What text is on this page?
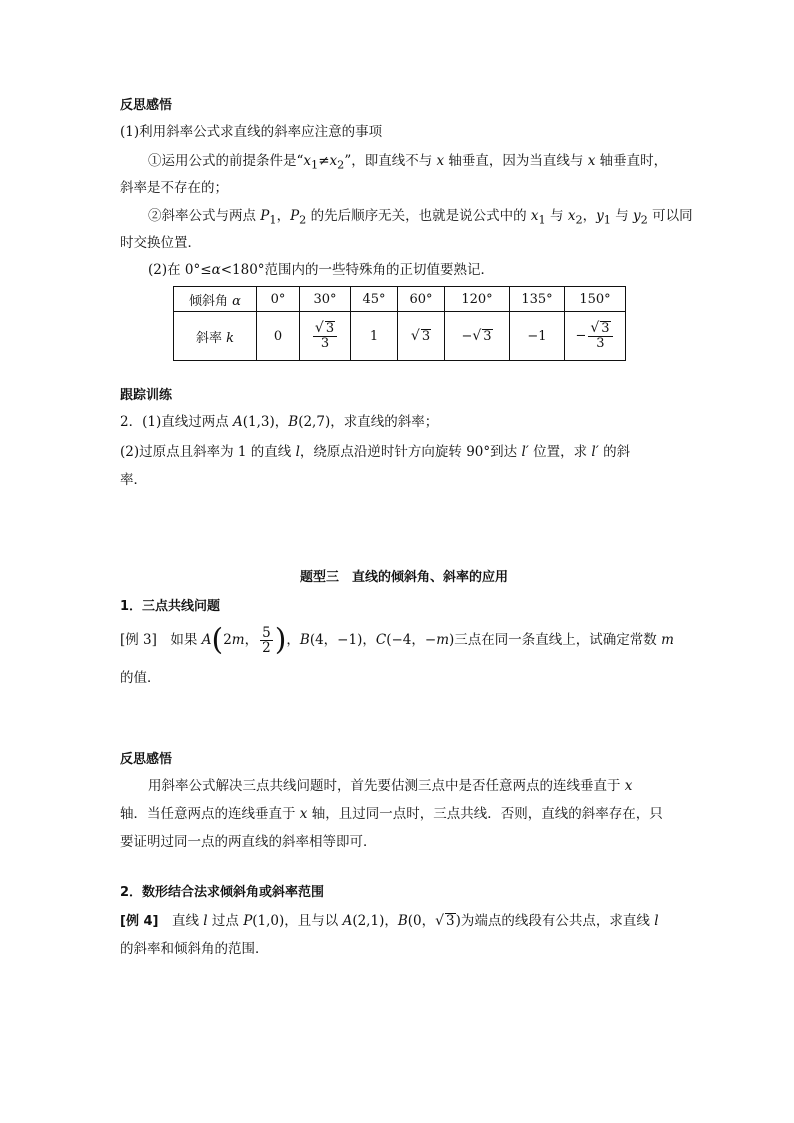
反思感悟
(1)利用斜率公式求直线的斜率应注意的事项
①运用公式的前提条件是“$x_1\ne x_2$”，即直线不与 x 轴垂直，因为当直线与 x 轴垂直时，
斜率是不存在的；
②斜率公式与两点 $P_1$，$P_2$ 的先后顺序无关，也就是说公式中的 $x_1$ 与 $x_2$，$y_1$ 与 $y_2$ 可以同
时交换位置．
(2)在 0°≤α<180°范围内的一些特殊角的正切值要熟记．
倾斜角 α	0°	30°	45°	60°	120°	135°	150°
斜率 k	0	$\frac{√ 3}{3}$	1	√ 3	−√ 3	−1	− $\frac{√ 3}{3}$
跟踪训练
2．(1)直线过两点 A(1,3)，B(2,7)，求直线的斜率；
(2)过原点且斜率为 1 的直线 l，绕原点沿逆时针方向旋转 90°到达 l′ 位置，求 l′ 的斜
率．
题型三　直线的倾斜角、斜率的应用
1．三点共线问题
[例 3]　如果 A(2m， $\frac{5}{2}$ )，B(4，−1)，C(−4，−m)三点在同一条直线上，试确定常数 m
的值．
反思感悟
用斜率公式解决三点共线问题时，首先要估测三点中是否任意两点的连线垂直于 x
轴．当任意两点的连线垂直于 x 轴，且过同一点时，三点共线．否则，直线的斜率存在，只
要证明过同一点的两直线的斜率相等即可．
2．数形结合法求倾斜角或斜率范围
[例 4]　直线 l 过点 P(1,0)，且与以 A(2,1)，B(0，√ 3)为端点的线段有公共点，求直线 l
的斜率和倾斜角的范围．
